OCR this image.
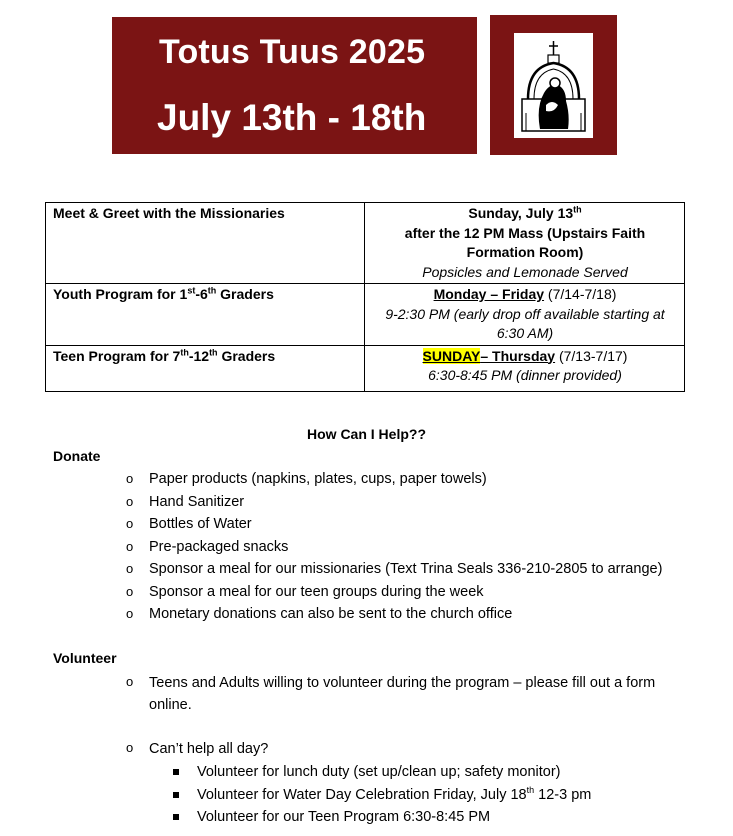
Totus Tuus 2025
July 13th - 18th
Meet & Greet with the Missionaries	Sunday, July 13th
after the 12 PM Mass (Upstairs Faith
Formation Room)
Popsicles and Lemonade Served

Youth Program for 1st-6th Graders	Monday – Friday (7/14-7/18)
9-2:30 PM (early drop off available starting at
6:30 AM)

Teen Program for 7th-12th Graders	SUNDAY– Thursday (7/13-7/17)
6:30-8:45 PM (dinner provided)
How Can I Help??
Donate
o Paper products (napkins, plates, cups, paper towels)
o Hand Sanitizer
o Bottles of Water
o Pre-packaged snacks
o Sponsor a meal for our missionaries (Text Trina Seals 336-210-2805 to arrange)
o Sponsor a meal for our teen groups during the week
o Monetary donations can also be sent to the church office
Volunteer
o Teens and Adults willing to volunteer during the program – please fill out a form online.
o Can’t help all day?
Volunteer for lunch duty (set up/clean up; safety monitor)
Volunteer for Water Day Celebration Friday, July 18th 12-3 pm
Volunteer for our Teen Program 6:30-8:45 PM
